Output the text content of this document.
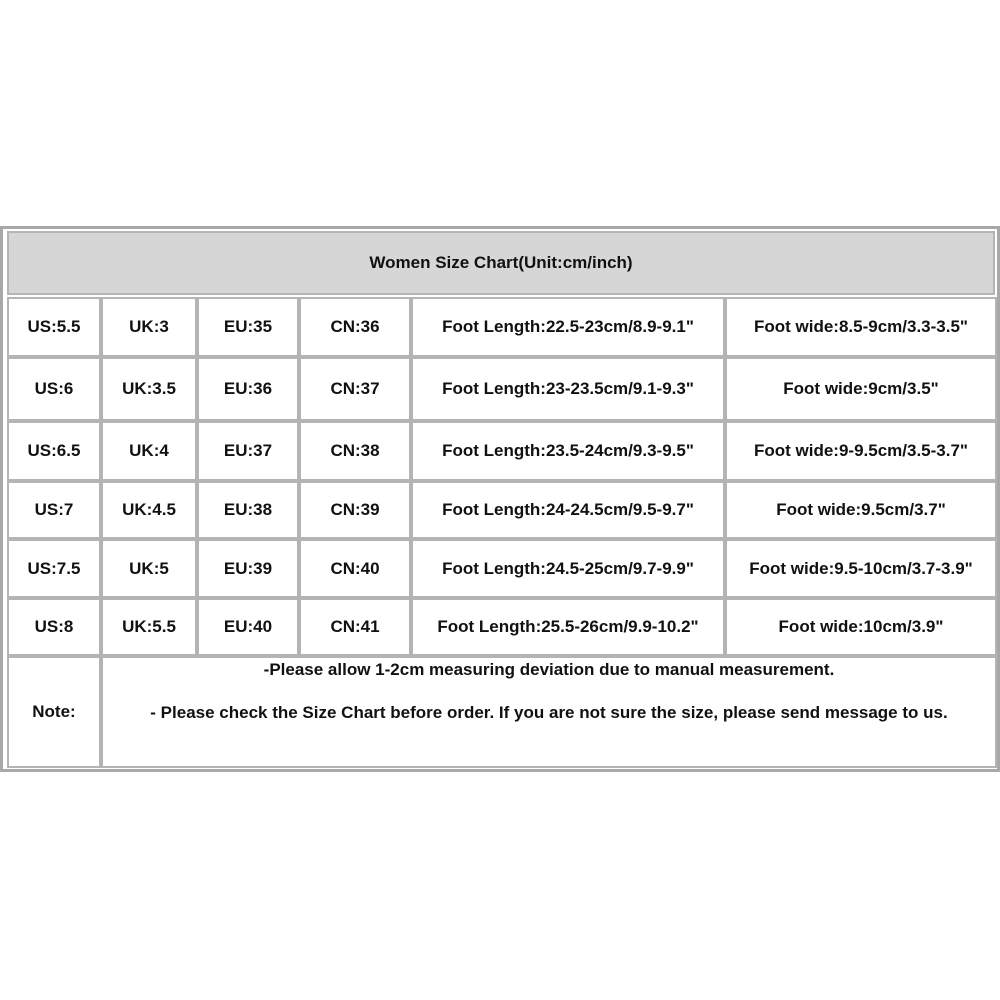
Women Size Chart(Unit:cm/inch)
US:5.5	UK:3	EU:35	CN:36	Foot Length:22.5-23cm/8.9-9.1"	Foot wide:8.5-9cm/3.3-3.5"
US:6	UK:3.5	EU:36	CN:37	Foot Length:23-23.5cm/9.1-9.3"	Foot wide:9cm/3.5"
US:6.5	UK:4	EU:37	CN:38	Foot Length:23.5-24cm/9.3-9.5"	Foot wide:9-9.5cm/3.5-3.7"
US:7	UK:4.5	EU:38	CN:39	Foot Length:24-24.5cm/9.5-9.7"	Foot wide:9.5cm/3.7"
US:7.5	UK:5	EU:39	CN:40	Foot Length:24.5-25cm/9.7-9.9"	Foot wide:9.5-10cm/3.7-3.9"
US:8	UK:5.5	EU:40	CN:41	Foot Length:25.5-26cm/9.9-10.2"	Foot wide:10cm/3.9"
Note:
-Please allow 1-2cm measuring deviation due to manual measurement.
- Please check the Size Chart before order. If you are not sure the size, please send message to us.
